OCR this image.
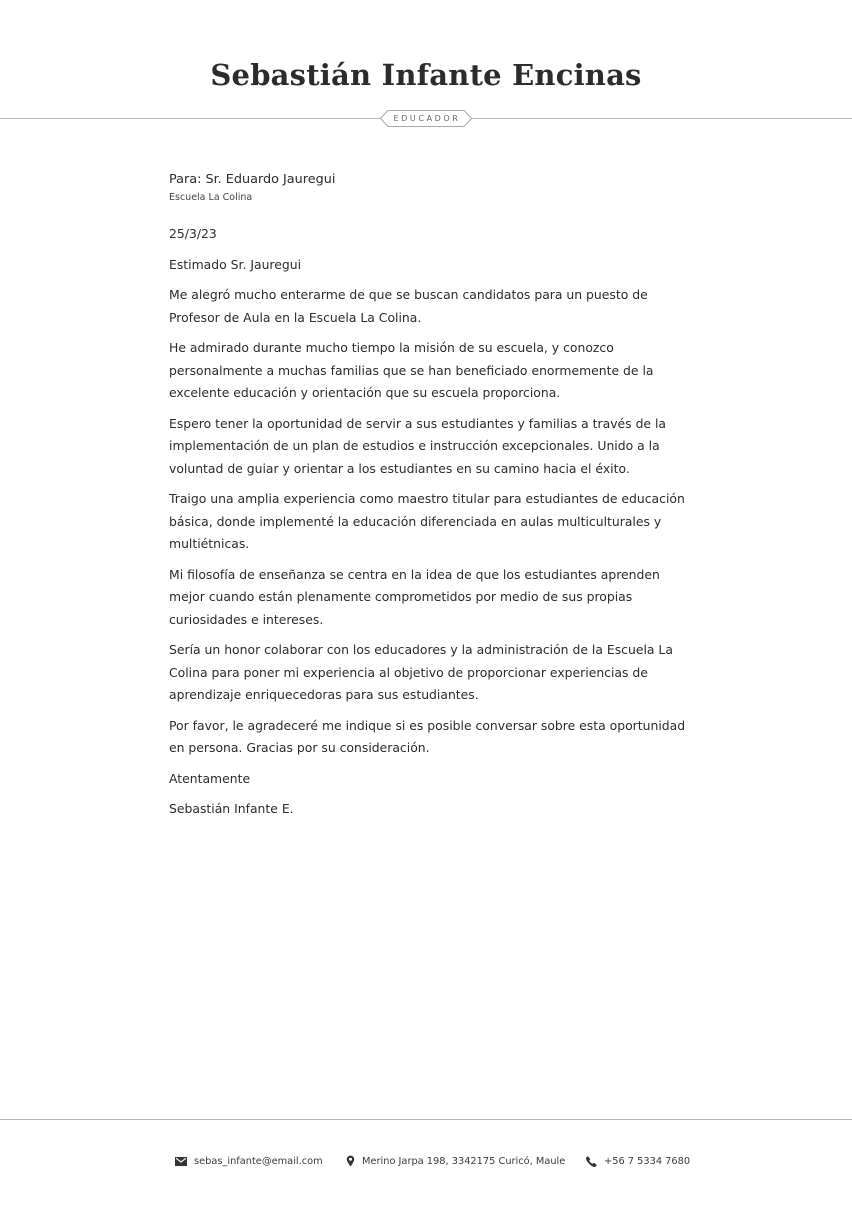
Sebastián Infante Encinas
EDUCADOR

Para: Sr. Eduardo Jauregui

Escuela La Colina

25/3/23

Estimado Sr. Jauregui

Me alegró mucho enterarme de que se buscan candidatos para un puesto de Profesor de Aula en la Escuela La Colina.

He admirado durante mucho tiempo la misión de su escuela, y conozco personalmente a muchas familias que se han beneficiado enormemente de la excelente educación y orientación que su escuela proporciona.

Espero tener la oportunidad de servir a sus estudiantes y familias a través de la implementación de un plan de estudios e instrucción excepcionales. Unido a la voluntad de guiar y orientar a los estudiantes en su camino hacia el éxito.

Traigo una amplia experiencia como maestro titular para estudiantes de educación básica, donde implementé la educación diferenciada en aulas multiculturales y multiétnicas.

Mi filosofía de enseñanza se centra en la idea de que los estudiantes aprenden mejor cuando están plenamente comprometidos por medio de sus propias curiosidades e intereses.

Sería un honor colaborar con los educadores y la administración de la Escuela La Colina para poner mi experiencia al objetivo de proporcionar experiencias de aprendizaje enriquecedoras para sus estudiantes.

Por favor, le agradeceré me indique si es posible conversar sobre esta oportunidad en persona. Gracias por su consideración.

Atentamente

Sebastián Infante E.

sebas_infante@email.com	Merino Jarpa 198, 3342175 Curicó, Maule	+56 7 5334 7680
